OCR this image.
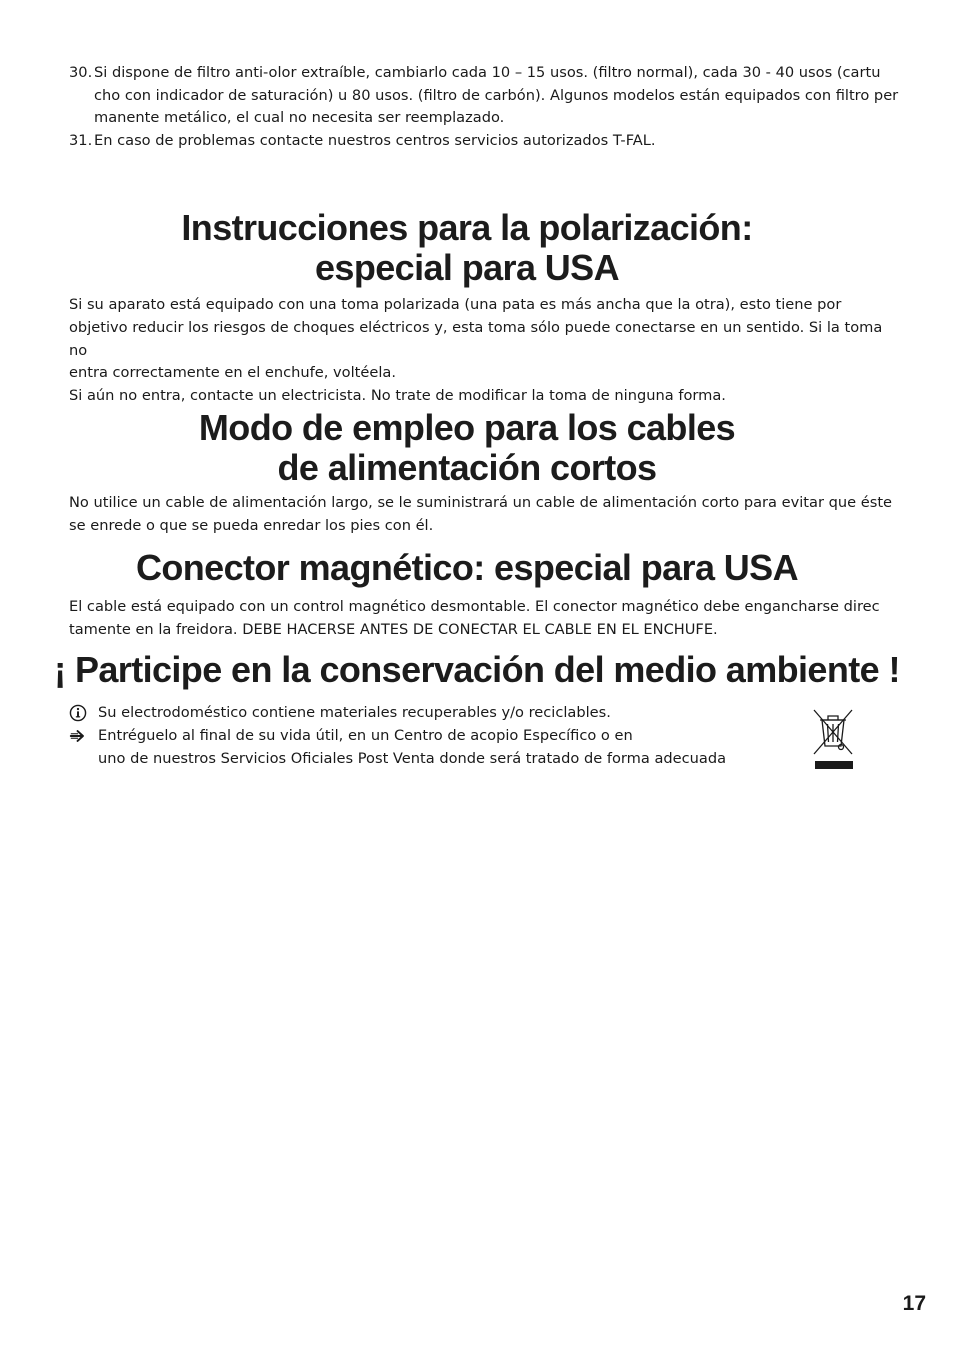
30. Si dispone de filtro anti-olor extraíble, cambiarlo cada 10 – 15 usos. (filtro normal), cada 30 - 40 usos (cartu
cho con indicador de saturación) u 80 usos. (filtro de carbón). Algunos modelos están equipados con filtro per
manente metálico, el cual no necesita ser reemplazado.
31. En caso de problemas contacte nuestros centros servicios autorizados T-FAL.
Instrucciones para la polarización:
especial para USA

Si su aparato está equipado con una toma polarizada (una pata es más ancha que la otra), esto tiene por
objetivo reducir los riesgos de choques eléctricos y, esta toma sólo puede conectarse en un sentido. Si la toma no
entra correctamente en el enchufe, voltéela.
Si aún no entra, contacte un electricista. No trate de modificar la toma de ninguna forma.

Modo de empleo para los cables
de alimentación cortos

No utilice un cable de alimentación largo, se le suministrará un cable de alimentación corto para evitar que éste
se enrede o que se pueda enredar los pies con él.

Conector magnético: especial para USA

El cable está equipado con un control magnético desmontable. El conector magnético debe engancharse direc
tamente en la freidora. DEBE HACERSE ANTES DE CONECTAR EL CABLE EN EL ENCHUFE.

¡ Participe en la conservación del medio ambiente !
Su electrodoméstico contiene materiales recuperables y/o reciclables.
Entréguelo al final de su vida útil, en un Centro de acopio Específico o en
uno de nuestros Servicios Oficiales Post Venta donde será tratado de forma adecuada
17
